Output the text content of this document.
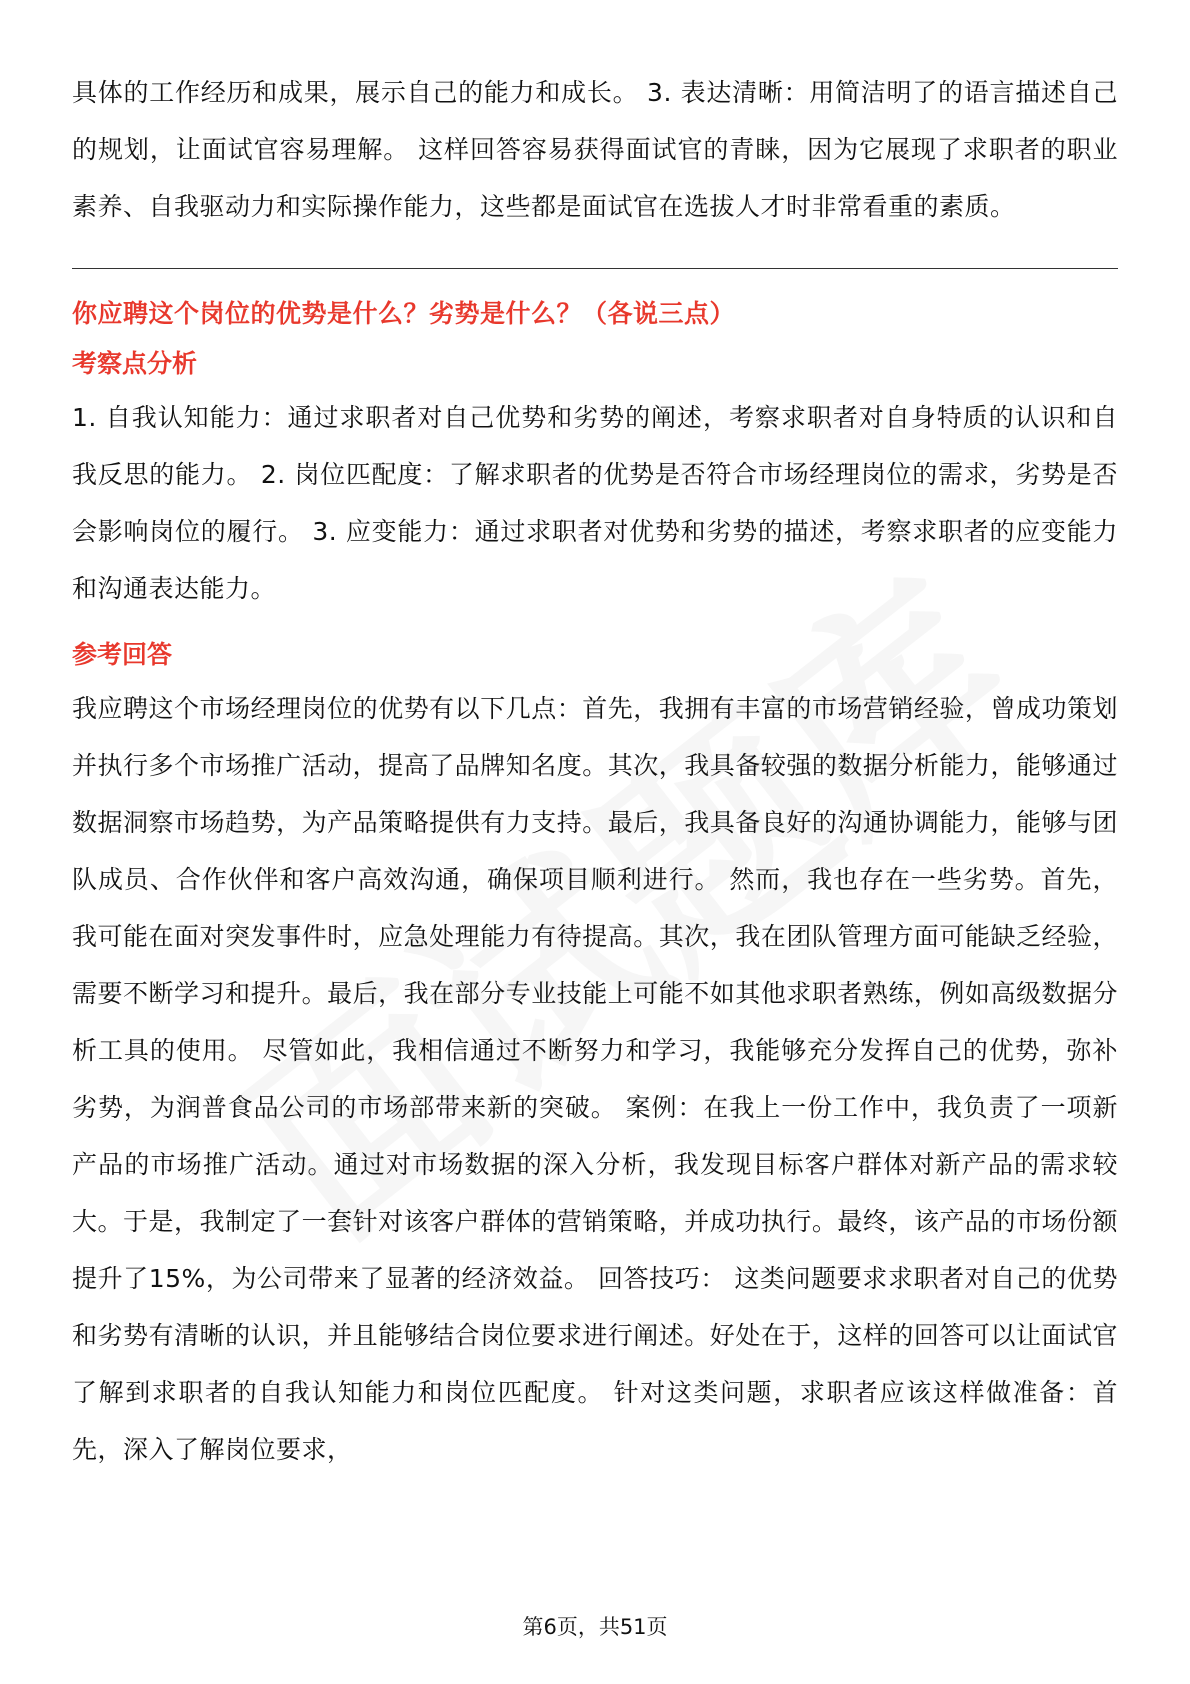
具体的工作经历和成果，展示自己的能力和成长。 3. 表达清晰：用简洁明了的语言描述自己的规划，让面试官容易理解。 这样回答容易获得面试官的青睐，因为它展现了求职者的职业素养、自我驱动力和实际操作能力，这些都是面试官在选拔人才时非常看重的素质。

你应聘这个岗位的优势是什么？劣势是什么？（各说三点）

考察点分析

1. 自我认知能力：通过求职者对自己优势和劣势的阐述，考察求职者对自身特质的认识和自我反思的能力。 2. 岗位匹配度：了解求职者的优势是否符合市场经理岗位的需求，劣势是否会影响岗位的履行。 3. 应变能力：通过求职者对优势和劣势的描述，考察求职者的应变能力和沟通表达能力。

参考回答

我应聘这个市场经理岗位的优势有以下几点：首先，我拥有丰富的市场营销经验，曾成功策划并执行多个市场推广活动，提高了品牌知名度。其次，我具备较强的数据分析能力，能够通过数据洞察市场趋势，为产品策略提供有力支持。最后，我具备良好的沟通协调能力，能够与团队成员、合作伙伴和客户高效沟通，确保项目顺利进行。 然而，我也存在一些劣势。首先，我可能在面对突发事件时，应急处理能力有待提高。其次，我在团队管理方面可能缺乏经验，需要不断学习和提升。最后，我在部分专业技能上可能不如其他求职者熟练，例如高级数据分析工具的使用。 尽管如此，我相信通过不断努力和学习，我能够充分发挥自己的优势，弥补劣势，为润普食品公司的市场部带来新的突破。 案例：在我上一份工作中，我负责了一项新产品的市场推广活动。通过对市场数据的深入分析，我发现目标客户群体对新产品的需求较大。于是，我制定了一套针对该客户群体的营销策略，并成功执行。最终，该产品的市场份额提升了15%，为公司带来了显著的经济效益。 回答技巧： 这类问题要求求职者对自己的优势和劣势有清晰的认识，并且能够结合岗位要求进行阐述。好处在于，这样的回答可以让面试官了解到求职者的自我认知能力和岗位匹配度。 针对这类问题，求职者应该这样做准备：首先，深入了解岗位要求，

第6页，共51页
